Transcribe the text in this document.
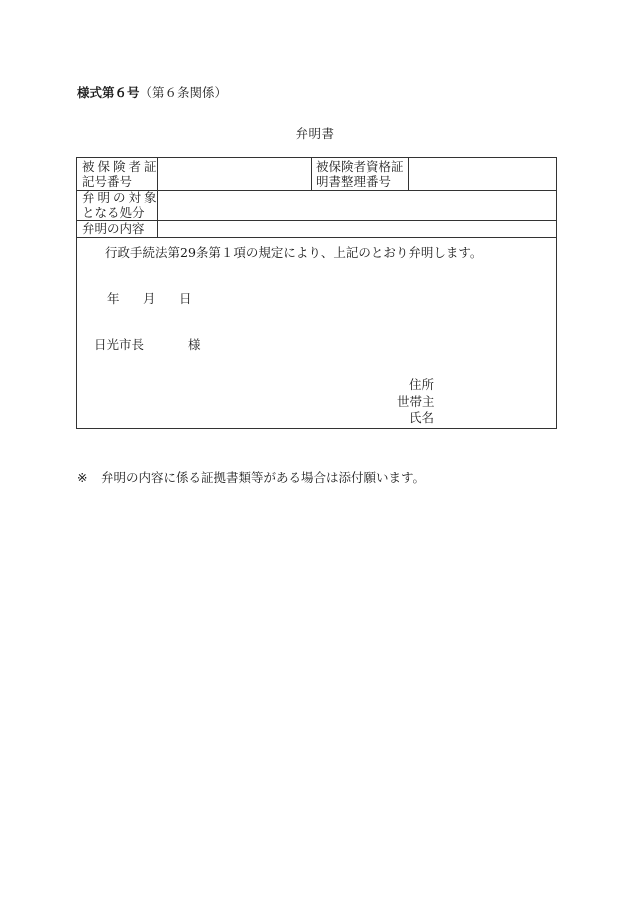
様式第６号（第６条関係）
弁明書
被保険者証
記号番号
被保険者資格証
明書整理番号
弁明の対象
となる処分
弁明の内容
行政手続法第29条第１項の規定により、上記のとおり弁明します。
年 月 日
日光市長	様
住所
世帯主
氏名
※ 弁明の内容に係る証拠書類等がある場合は添付願います。
